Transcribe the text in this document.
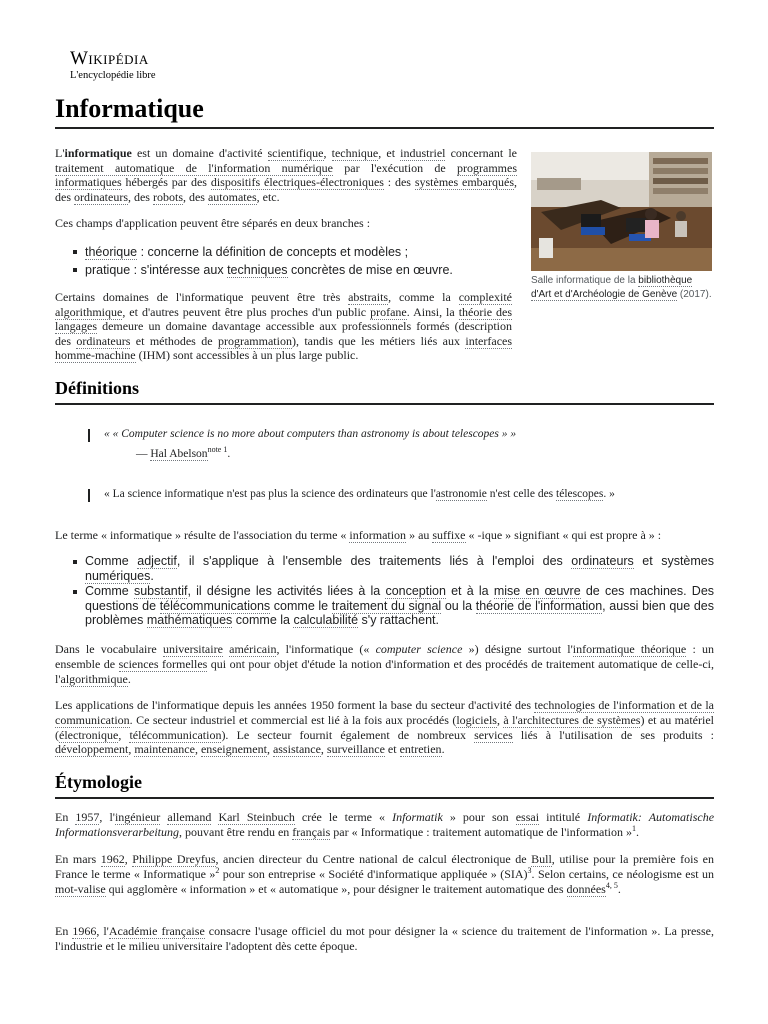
Wikipédia
L'encyclopédie libre
Informatique

L'informatique est un domaine d'activité scientifique, technique, et industriel concernant le traitement automatique de l'information numérique par l'exécution de programmes informatiques hébergés par des dispositifs électriques-électroniques : des systèmes embarqués, des ordinateurs, des robots, des automates, etc.

Ces champs d'application peuvent être séparés en deux branches :

théorique : concerne la définition de concepts et modèles ;
pratique : s'intéresse aux techniques concrètes de mise en œuvre.

Certains domaines de l'informatique peuvent être très abstraits, comme la complexité algorithmique, et d'autres peuvent être plus proches d'un public profane. Ainsi, la théorie des langages demeure un domaine davantage accessible aux professionnels formés (description des ordinateurs et méthodes de programmation), tandis que les métiers liés aux interfaces homme-machine (IHM) sont accessibles à un plus large public.

Salle informatique de la bibliothèque d'Art et d'Archéologie de Genève (2017).
Définitions
« « Computer science is no more about computers than astronomy is about telescopes » »
— Hal Abelson$^{note 1}$.
« La science informatique n'est pas plus la science des ordinateurs que l'astronomie n'est celle des télescopes. »

Le terme « informatique » résulte de l'association du terme « information » au suffixe « -ique » signifiant « qui est propre à » :

Comme adjectif, il s'applique à l'ensemble des traitements liés à l'emploi des ordinateurs et systèmes numériques.
Comme substantif, il désigne les activités liées à la conception et à la mise en œuvre de ces machines. Des questions de télécommunications comme le traitement du signal ou la théorie de l'information, aussi bien que des problèmes mathématiques comme la calculabilité s'y rattachent.

Dans le vocabulaire universitaire américain, l'informatique (« computer science ») désigne surtout l'informatique théorique : un ensemble de sciences formelles qui ont pour objet d'étude la notion d'information et des procédés de traitement automatique de celle-ci, l'algorithmique.

Les applications de l'informatique depuis les années 1950 forment la base du secteur d'activité des technologies de l'information et de la communication. Ce secteur industriel et commercial est lié à la fois aux procédés (logiciels, à l'architectures de systèmes) et au matériel (électronique, télécommunication). Le secteur fournit également de nombreux services liés à l'utilisation de ses produits : développement, maintenance, enseignement, assistance, surveillance et entretien.

Étymologie

En 1957, l'ingénieur allemand Karl Steinbuch crée le terme « Informatik » pour son essai intitulé Informatik: Automatische Informationsverarbeitung, pouvant être rendu en français par « Informatique : traitement automatique de l'information »$^1$.

En mars 1962, Philippe Dreyfus, ancien directeur du Centre national de calcul électronique de Bull, utilise pour la première fois en France le terme « Informatique »$^2$ pour son entreprise « Société d'informatique appliquée » (SIA)$^3$. Selon certains, ce néologisme est un mot-valise qui agglomère « information » et « automatique », pour désigner le traitement automatique des données$^{4, 5}$.

En 1966, l'Académie française consacre l'usage officiel du mot pour désigner la « science du traitement de l'information ». La presse, l'industrie et le milieu universitaire l'adoptent dès cette époque.
